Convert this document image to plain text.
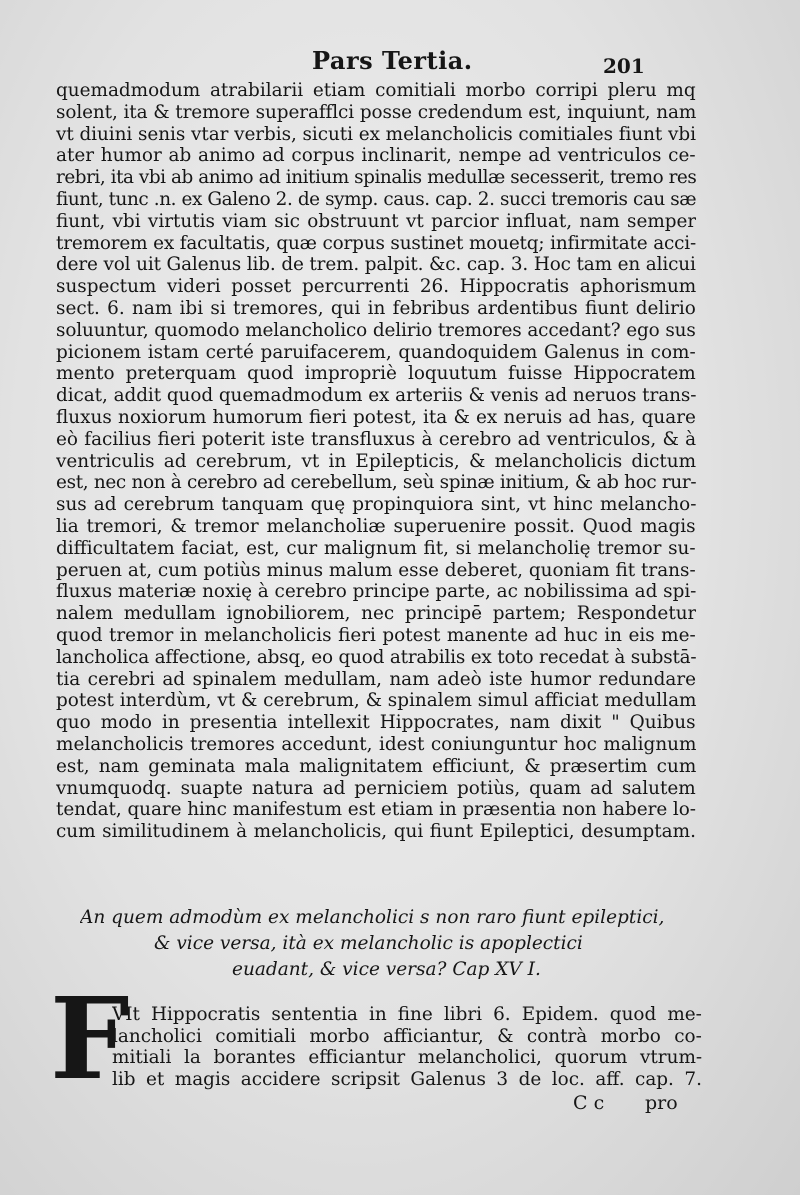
Pars Tertia.	201
quemadmodum atrabilarii etiam comitiali morbo corripi pleru mq
solent, ita & tremore superafflci posse credendum est, inquiunt, nam
vt diuini senis vtar verbis, sicuti ex melancholicis comitiales fiunt vbi
ater humor ab animo ad corpus inclinarit, nempe ad ventriculos ce-
rebri, ita vbi ab animo ad initium spinalis medullæ secesserit, tremo res
fiunt, tunc .n. ex Galeno 2. de symp. caus. cap. 2. succi tremoris cau sæ
fiunt, vbi virtutis viam sic obstruunt vt parcior influat, nam semper
tremorem ex facultatis, quæ corpus sustinet mouetq; infirmitate acci-
dere vol uit Galenus lib. de trem. palpit. &c. cap. 3. Hoc tam en alicui
suspectum videri posset percurrenti 26. Hippocratis aphorismum
sect. 6. nam ibi si tremores, qui in febribus ardentibus fiunt delirio
soluuntur, quomodo melancholico delirio tremores accedant? ego sus
picionem istam certé paruifacerem, quandoquidem Galenus in com-
mento preterquam quod impropriè loquutum fuisse Hippocratem
dicat, addit quod quemadmodum ex arteriis & venis ad neruos trans-
fluxus noxiorum humorum fieri potest, ita & ex neruis ad has, quare
eò facilius fieri poterit iste transfluxus à cerebro ad ventriculos, & à
ventriculis ad cerebrum, vt in Epilepticis, & melancholicis dictum
est, nec non à cerebro ad cerebellum, seù spinæ initium, & ab hoc rur-
sus ad cerebrum tanquam quę propinquiora sint, vt hinc melancho-
lia tremori, & tremor melancholiæ superuenire possit. Quod magis
difficultatem faciat, est, cur malignum fit, si melancholię tremor su-
peruen at, cum potiùs minus malum esse deberet, quoniam fit trans-
fluxus materiæ noxię à cerebro principe parte, ac nobilissima ad spi-
nalem medullam ignobiliorem, nec principē partem; Respondetur
quod tremor in melancholicis fieri potest manente ad huc in eis me-
lancholica affectione, absq, eo quod atrabilis ex toto recedat à substā-
tia cerebri ad spinalem medullam, nam adeò iste humor redundare
potest interdùm, vt & cerebrum, & spinalem simul afficiat medullam
quo modo in presentia intellexit Hippocrates, nam dixit " Quibus
melancholicis tremores accedunt, idest coniunguntur hoc malignum
est, nam geminata mala malignitatem efficiunt, & præsertim cum
vnumquodq. suapte natura ad perniciem potiùs, quam ad salutem
tendat, quare hinc manifestum est etiam in præsentia non habere lo-
cum similitudinem à melancholicis, qui fiunt Epileptici, desumptam.
An quem admodùm ex melancholici s non raro fiunt epileptici,
& vice versa, ità ex melancholic is apoplectici
euadant, & vice versa? Cap XV I.
F
VIt Hippocratis sententia in fine libri 6. Epidem. quod me-
lancholici comitiali morbo afficiantur, & contrà morbo co-
mitiali la borantes efficiantur melancholici, quorum vtrum-
lib et magis accidere scripsit Galenus 3 de loc. aff. cap. 7.
C c pro
